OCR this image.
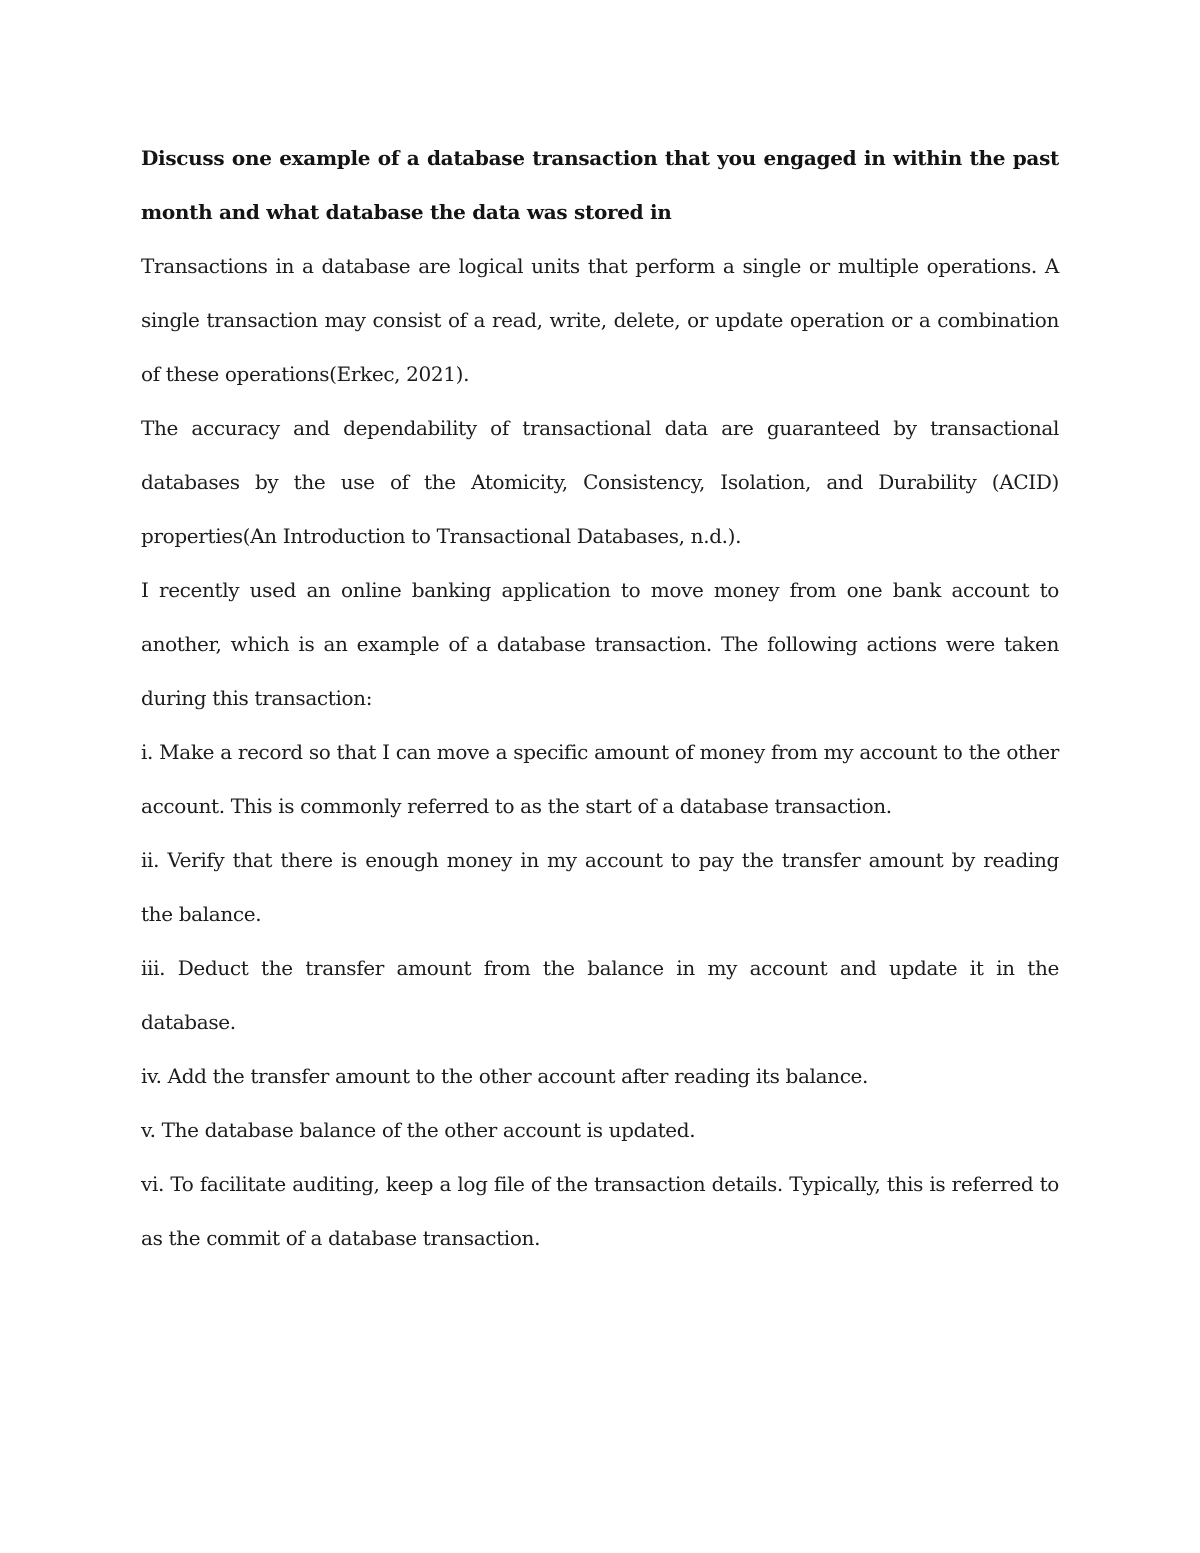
Discuss one example of a database transaction that you engaged in within the past month and what database the data was stored in

Transactions in a database are logical units that perform a single or multiple operations. A single transaction may consist of a read, write, delete, or update operation or a combination of these operations(Erkec, 2021).

The accuracy and dependability of transactional data are guaranteed by transactional databases by the use of the Atomicity, Consistency, Isolation, and Durability (ACID) properties(An Introduction to Transactional Databases, n.d.).

I recently used an online banking application to move money from one bank account to another, which is an example of a database transaction. The following actions were taken during this transaction:

i. Make a record so that I can move a specific amount of money from my account to the other account. This is commonly referred to as the start of a database transaction.

ii. Verify that there is enough money in my account to pay the transfer amount by reading the balance.

iii. Deduct the transfer amount from the balance in my account and update it in the database.

iv. Add the transfer amount to the other account after reading its balance.

v. The database balance of the other account is updated.

vi. To facilitate auditing, keep a log file of the transaction details. Typically, this is referred to as the commit of a database transaction.
